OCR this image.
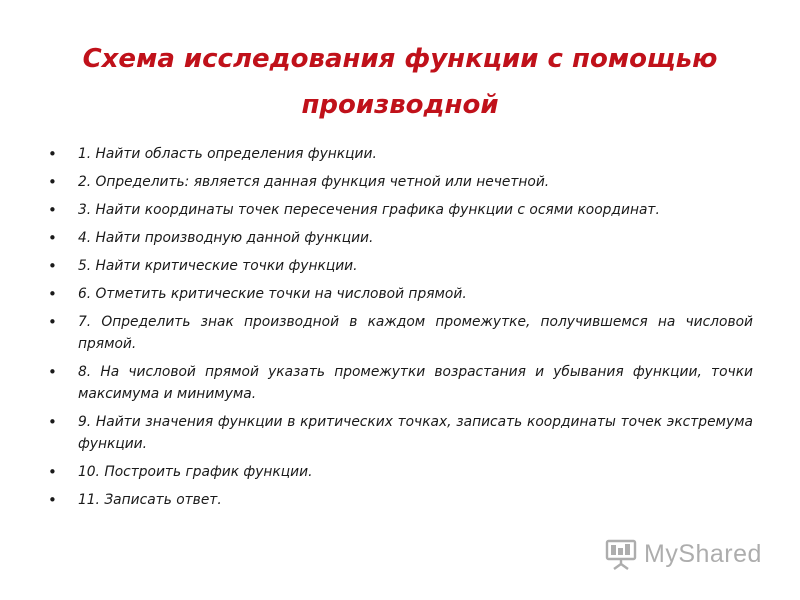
Схема исследования функции с помощью производной
• 1. Найти область определения функции.
• 2. Определить: является данная функция четной или нечетной.
• 3. Найти координаты точек пересечения графика функции с осями координат.
• 4. Найти производную данной функции.
• 5. Найти критические точки функции.
• 6. Отметить критические точки на числовой прямой.
• 7. Определить знак производной в каждом промежутке, получившемся на числовой прямой.
• 8. На числовой прямой указать промежутки возрастания и убывания функции, точки максимума и минимума.
• 9. Найти значения функции в критических точках, записать координаты точек экстремума функции.
• 10. Построить график функции.
• 11. Записать ответ.
MyShared
